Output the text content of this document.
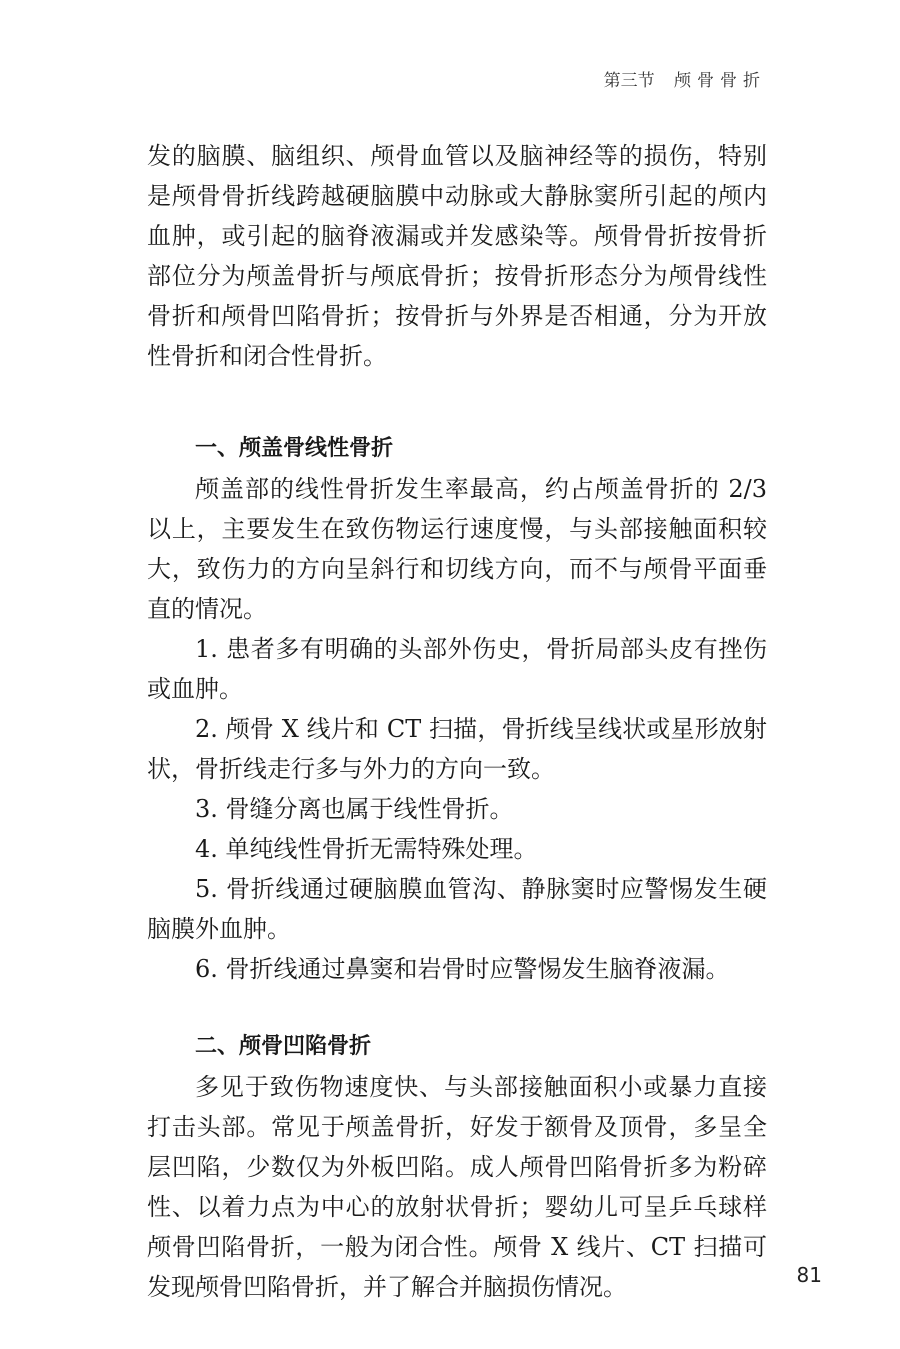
第三节 颅骨骨折

发的脑膜、脑组织、颅骨血管以及脑神经等的损伤，特别是颅骨骨折线跨越硬脑膜中动脉或大静脉窦所引起的颅内血肿，或引起的脑脊液漏或并发感染等。颅骨骨折按骨折部位分为颅盖骨折与颅底骨折；按骨折形态分为颅骨线性骨折和颅骨凹陷骨折；按骨折与外界是否相通，分为开放性骨折和闭合性骨折。

一、颅盖骨线性骨折

颅盖部的线性骨折发生率最高，约占颅盖骨折的 2/3 以上，主要发生在致伤物运行速度慢，与头部接触面积较大，致伤力的方向呈斜行和切线方向，而不与颅骨平面垂直的情况。

1. 患者多有明确的头部外伤史，骨折局部头皮有挫伤或血肿。

2. 颅骨 X 线片和 CT 扫描，骨折线呈线状或星形放射状，骨折线走行多与外力的方向一致。

3. 骨缝分离也属于线性骨折。

4. 单纯线性骨折无需特殊处理。

5. 骨折线通过硬脑膜血管沟、静脉窦时应警惕发生硬脑膜外血肿。

6. 骨折线通过鼻窦和岩骨时应警惕发生脑脊液漏。

二、颅骨凹陷骨折

多见于致伤物速度快、与头部接触面积小或暴力直接打击头部。常见于颅盖骨折，好发于额骨及顶骨，多呈全层凹陷，少数仅为外板凹陷。成人颅骨凹陷骨折多为粉碎性、以着力点为中心的放射状骨折；婴幼儿可呈乒乓球样颅骨凹陷骨折，一般为闭合性。颅骨 X 线片、CT 扫描可发现颅骨凹陷骨折，并了解合并脑损伤情况。	81
